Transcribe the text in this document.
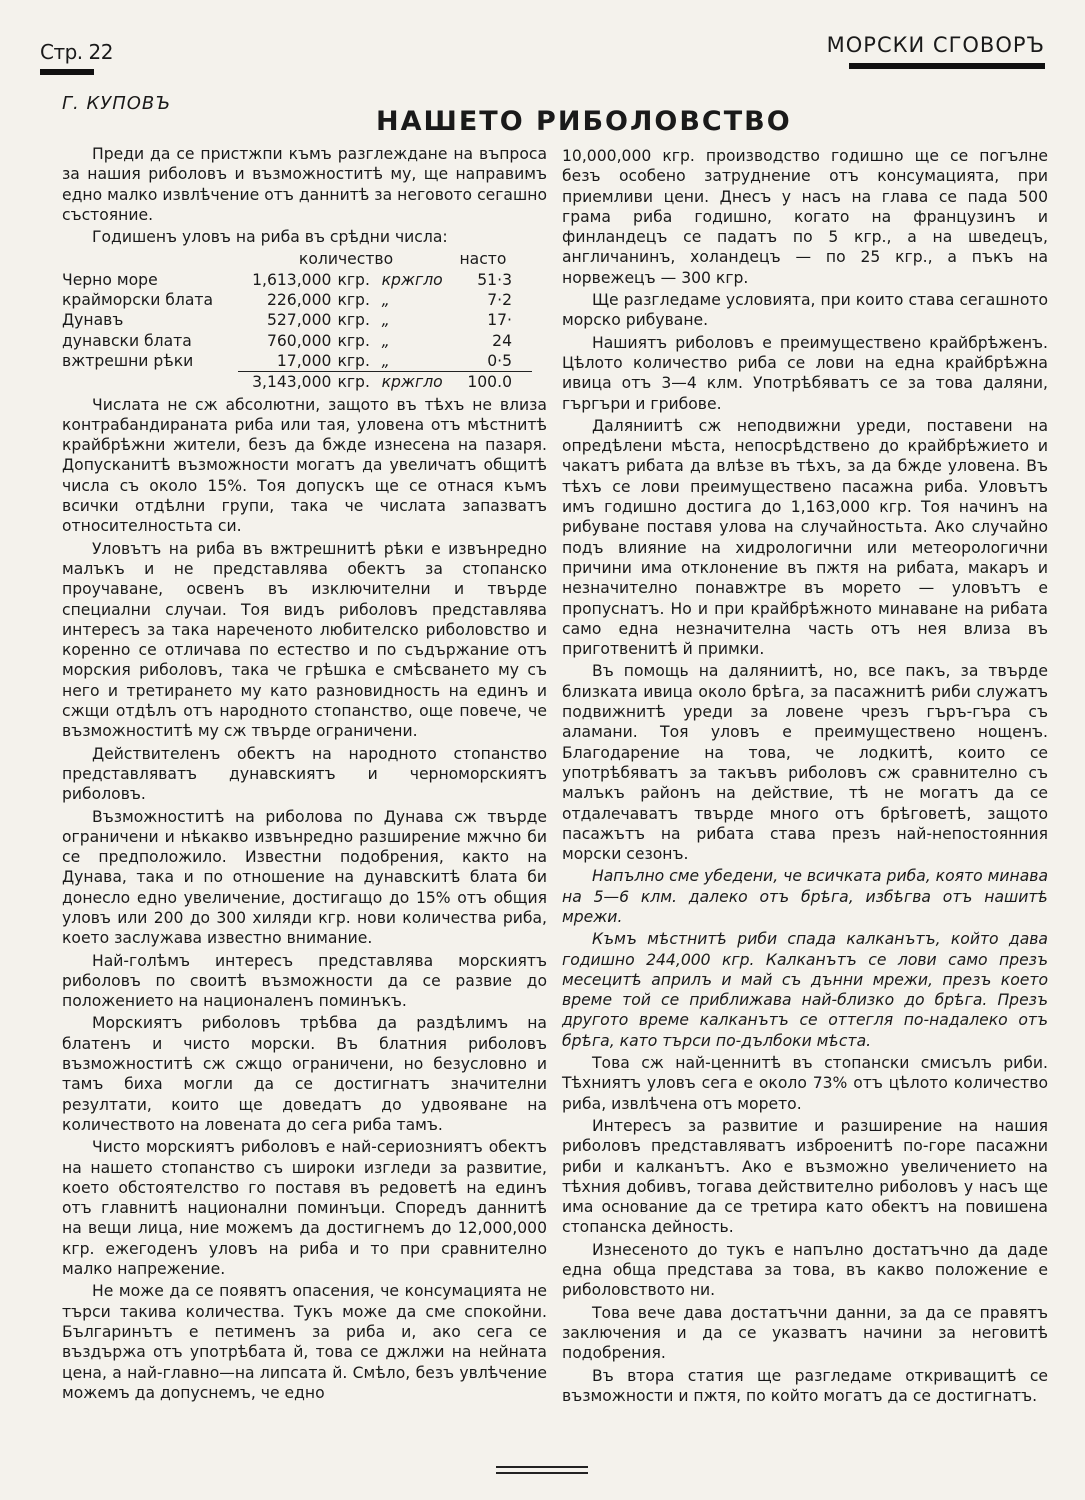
Стр. 22	МОРСКИ СГОВОРЪ
Г. КУПОВЪ
НАШЕТО РИБОЛОВСТВО

Преди да се пристжпи къмъ разглеждане на въпроса за нашия риболовъ и възможноститѣ му, ще направимъ едно малко извлѣчение отъ даннитѣ за неговото сегашно състояние.

Годишенъ уловъ на риба въ срѣдни числа:

	количество			насто
Черно море	1,613,000	кгр.	кржгло	51·3
крайморски блата	226,000	кгр.	„	7·2
Дунавъ	527,000	кгр.	„	17·
дунавски блата	760,000	кгр.	„	24
вжтрешни рѣки	17,000	кгр.	„	0·5
	3,143,000	кгр.	кржгло	100.0

Числата не сж абсолютни, защото въ тѣхъ не влиза контрабандираната риба или тая, уловена отъ мѣстнитѣ крайбрѣжни жители, безъ да бжде изнесена на пазаря. Допусканитѣ възможности могатъ да увеличатъ общитѣ числа съ около 15%. Тоя допускъ ще се отнася къмъ всички отдѣлни групи, така че числата запазватъ относителностьта си.

Уловътъ на риба въ вжтрешнитѣ рѣки е извънредно малъкъ и не представлява обектъ за стопанско проучаване, освенъ въ изключителни и твърде специални случаи. Тоя видъ риболовъ представлява интересъ за така нареченото любителско риболовство и коренно се отличава по естество и по съдържание отъ морския риболовъ, така че грѣшка е смѣсването му съ него и третирането му като разновидность на единъ и сжщи отдѣлъ отъ народното стопанство, още повече, че възможноститѣ му сж твърде ограничени.

Действителенъ обектъ на народното стопанство представляватъ дунавскиятъ и черноморскиятъ риболовъ.

Възможноститѣ на риболова по Дунава сж твърде ограничени и нѣкакво извънредно разширение мжчно би се предположило. Известни подобрения, както на Дунава, така и по отношение на дунавскитѣ блата би донесло едно увеличение, достигащо до 15% отъ общия уловъ или 200 до 300 хиляди кгр. нови количества риба, което заслужава известно внимание.

Най-голѣмъ интересъ представлява морскиятъ риболовъ по своитѣ възможности да се развие до положението на националенъ поминъкъ.

Морскиятъ риболовъ трѣбва да раздѣлимъ на блатенъ и чисто морски. Въ блатния риболовъ възможноститѣ сж сжщо ограничени, но безусловно и тамъ биха могли да се достигнатъ значителни резултати, които ще доведатъ до удвояване на количеството на ловената до сега риба тамъ.

Чисто морскиятъ риболовъ е най-сериозниятъ обектъ на нашето стопанство съ широки изгледи за развитие, което обстоятелство го поставя въ редоветѣ на единъ отъ главнитѣ национални поминъци. Споредъ даннитѣ на вещи лица, ние можемъ да достигнемъ до 12,000,000 кгр. ежегоденъ уловъ на риба и то при сравнително малко напрежение.

Не може да се появятъ опасения, че консумацията не търси такива количества. Тукъ може да сме спокойни. Българинътъ е петименъ за риба и, ако сега се въздържа отъ употрѣбата й, това се джлжи на нейната цена, а най-главно—на липсата й. Смѣло, безъ увлѣчение можемъ да допуснемъ, че едно

10,000,000 кгр. производство годишно ще се погълне безъ особено затруднение отъ консумацията, при приемливи цени. Днесъ у насъ на глава се пада 500 грама риба годишно, когато на французинъ и финландецъ се падатъ по 5 кгр., а на шведецъ, англичанинъ, холандецъ — по 25 кгр., а пъкъ на норвежецъ — 300 кгр.

Ще разгледаме условията, при които става сегашното морско рибуване.

Нашиятъ риболовъ е преимуществено крайбрѣженъ. Цѣлото количество риба се лови на една крайбрѣжна ивица отъ 3—4 клм. Употрѣбяватъ се за това даляни, гъргъри и грибове.

Даляниитѣ сж неподвижни уреди, поставени на опредѣлени мѣста, непосрѣдствено до крайбрѣжието и чакатъ рибата да влѣзе въ тѣхъ, за да бжде уловена. Въ тѣхъ се лови преимуществено пасажна риба. Уловътъ имъ годишно достига до 1,163,000 кгр. Тоя начинъ на рибуване поставя улова на случайностьта. Ако случайно подъ влияние на хидрологични или метеорологични причини има отклонение въ пжтя на рибата, макаръ и незначително понавжтре въ морето — уловътъ е пропуснатъ. Но и при крайбрѣжното минаване на рибата само една незначителна часть отъ нея влиза въ приготвенитѣ й примки.

Въ помощь на даляниитѣ, но, все пакъ, за твърде близката ивица около брѣга, за пасажнитѣ риби служатъ подвижнитѣ уреди за ловене чрезъ гъръ-гъра съ аламани. Тоя уловъ е преимуществено нощенъ. Благодарение на това, че лодкитѣ, които се употрѣбяватъ за такъвъ риболовъ сж сравнително съ малъкъ районъ на действие, тѣ не могатъ да се отдалечаватъ твърде много отъ брѣговетѣ, защото пасажътъ на рибата става презъ най-непостоянния морски сезонъ.

Напълно сме убедени, че всичката риба, която минава на 5—6 клм. далеко отъ брѣга, избѣгва отъ нашитѣ мрежи.

Къмъ мѣстнитѣ риби спада калканътъ, който дава годишно 244,000 кгр. Калканътъ се лови само презъ месецитѣ априлъ и май съ дънни мрежи, презъ което време той се приближава най-близко до брѣга. Презъ другото време калканътъ се оттегля по-надалеко отъ брѣга, като търси по-дълбоки мѣста.

Това сж най-ценнитѣ въ стопански смисълъ риби. Тѣхниятъ уловъ сега е около 73% отъ цѣлото количество риба, извлѣчена отъ морето.

Интересъ за развитие и разширение на нашия риболовъ представляватъ изброенитѣ по-горе пасажни риби и калканътъ. Ако е възможно увеличението на тѣхния добивъ, тогава действително риболовъ у насъ ще има основание да се третира като обектъ на повишена стопанска дейность.

Изнесеното до тукъ е напълно достатъчно да даде една обща представа за това, въ какво положение е риболовството ни.

Това вече дава достатъчни данни, за да се правятъ заключения и да се указватъ начини за неговитѣ подобрения.

Въ втора статия ще разгледаме откриващитѣ се възможности и пжтя, по който могатъ да се достигнатъ.
